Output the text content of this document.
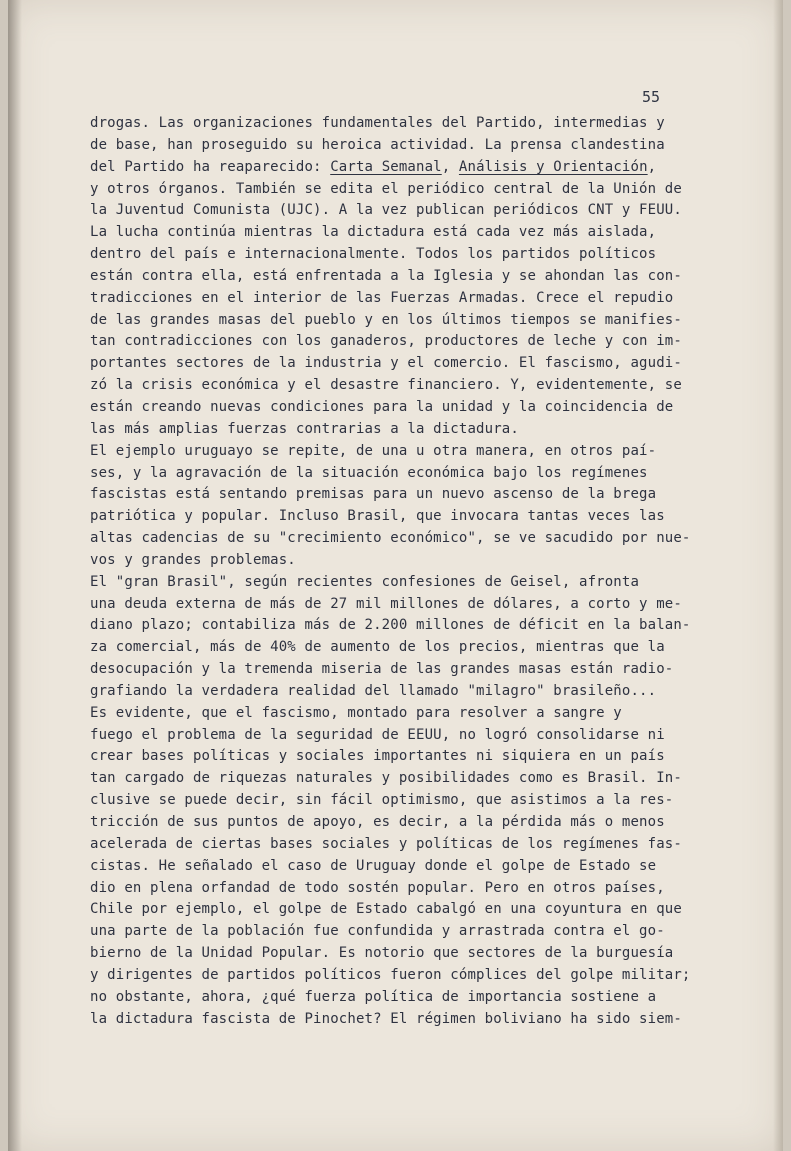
55

drogas. Las organizaciones fundamentales del Partido, intermedias y
de base, han proseguido su heroica actividad. La prensa clandestina
del Partido ha reaparecido: Carta Semanal, Análisis y Orientación,
y otros órganos. También se edita el periódico central de la Unión de
la Juventud Comunista (UJC). A la vez publican periódicos CNT y FEUU.
La lucha continúa mientras la dictadura está cada vez más aislada,
dentro del país e internacionalmente. Todos los partidos políticos
están contra ella, está enfrentada a la Iglesia y se ahondan las con-
tradicciones en el interior de las Fuerzas Armadas. Crece el repudio
de las grandes masas del pueblo y en los últimos tiempos se manifies-
tan contradicciones con los ganaderos, productores de leche y con im-
portantes sectores de la industria y el comercio. El fascismo, agudi-
zó la crisis económica y el desastre financiero. Y, evidentemente, se
están creando nuevas condiciones para la unidad y la coincidencia de
las más amplias fuerzas contrarias a la dictadura.
El ejemplo uruguayo se repite, de una u otra manera, en otros paí-
ses, y la agravación de la situación económica bajo los regímenes
fascistas está sentando premisas para un nuevo ascenso de la brega
patriótica y popular. Incluso Brasil, que invocara tantas veces las
altas cadencias de su "crecimiento económico", se ve sacudido por nue-
vos y grandes problemas.
El "gran Brasil", según recientes confesiones de Geisel, afronta
una deuda externa de más de 27 mil millones de dólares, a corto y me-
diano plazo; contabiliza más de 2.200 millones de déficit en la balan-
za comercial, más de 40% de aumento de los precios, mientras que la
desocupación y la tremenda miseria de las grandes masas están radio-
grafiando la verdadera realidad del llamado "milagro" brasileño...
Es evidente, que el fascismo, montado para resolver a sangre y
fuego el problema de la seguridad de EEUU, no logró consolidarse ni
crear bases políticas y sociales importantes ni siquiera en un país
tan cargado de riquezas naturales y posibilidades como es Brasil. In-
clusive se puede decir, sin fácil optimismo, que asistimos a la res-
tricción de sus puntos de apoyo, es decir, a la pérdida más o menos
acelerada de ciertas bases sociales y políticas de los regímenes fas-
cistas. He señalado el caso de Uruguay donde el golpe de Estado se
dio en plena orfandad de todo sostén popular. Pero en otros países,
Chile por ejemplo, el golpe de Estado cabalgó en una coyuntura en que
una parte de la población fue confundida y arrastrada contra el go-
bierno de la Unidad Popular. Es notorio que sectores de la burguesía
y dirigentes de partidos políticos fueron cómplices del golpe militar;
no obstante, ahora, ¿qué fuerza política de importancia sostiene a
la dictadura fascista de Pinochet? El régimen boliviano ha sido siem-
